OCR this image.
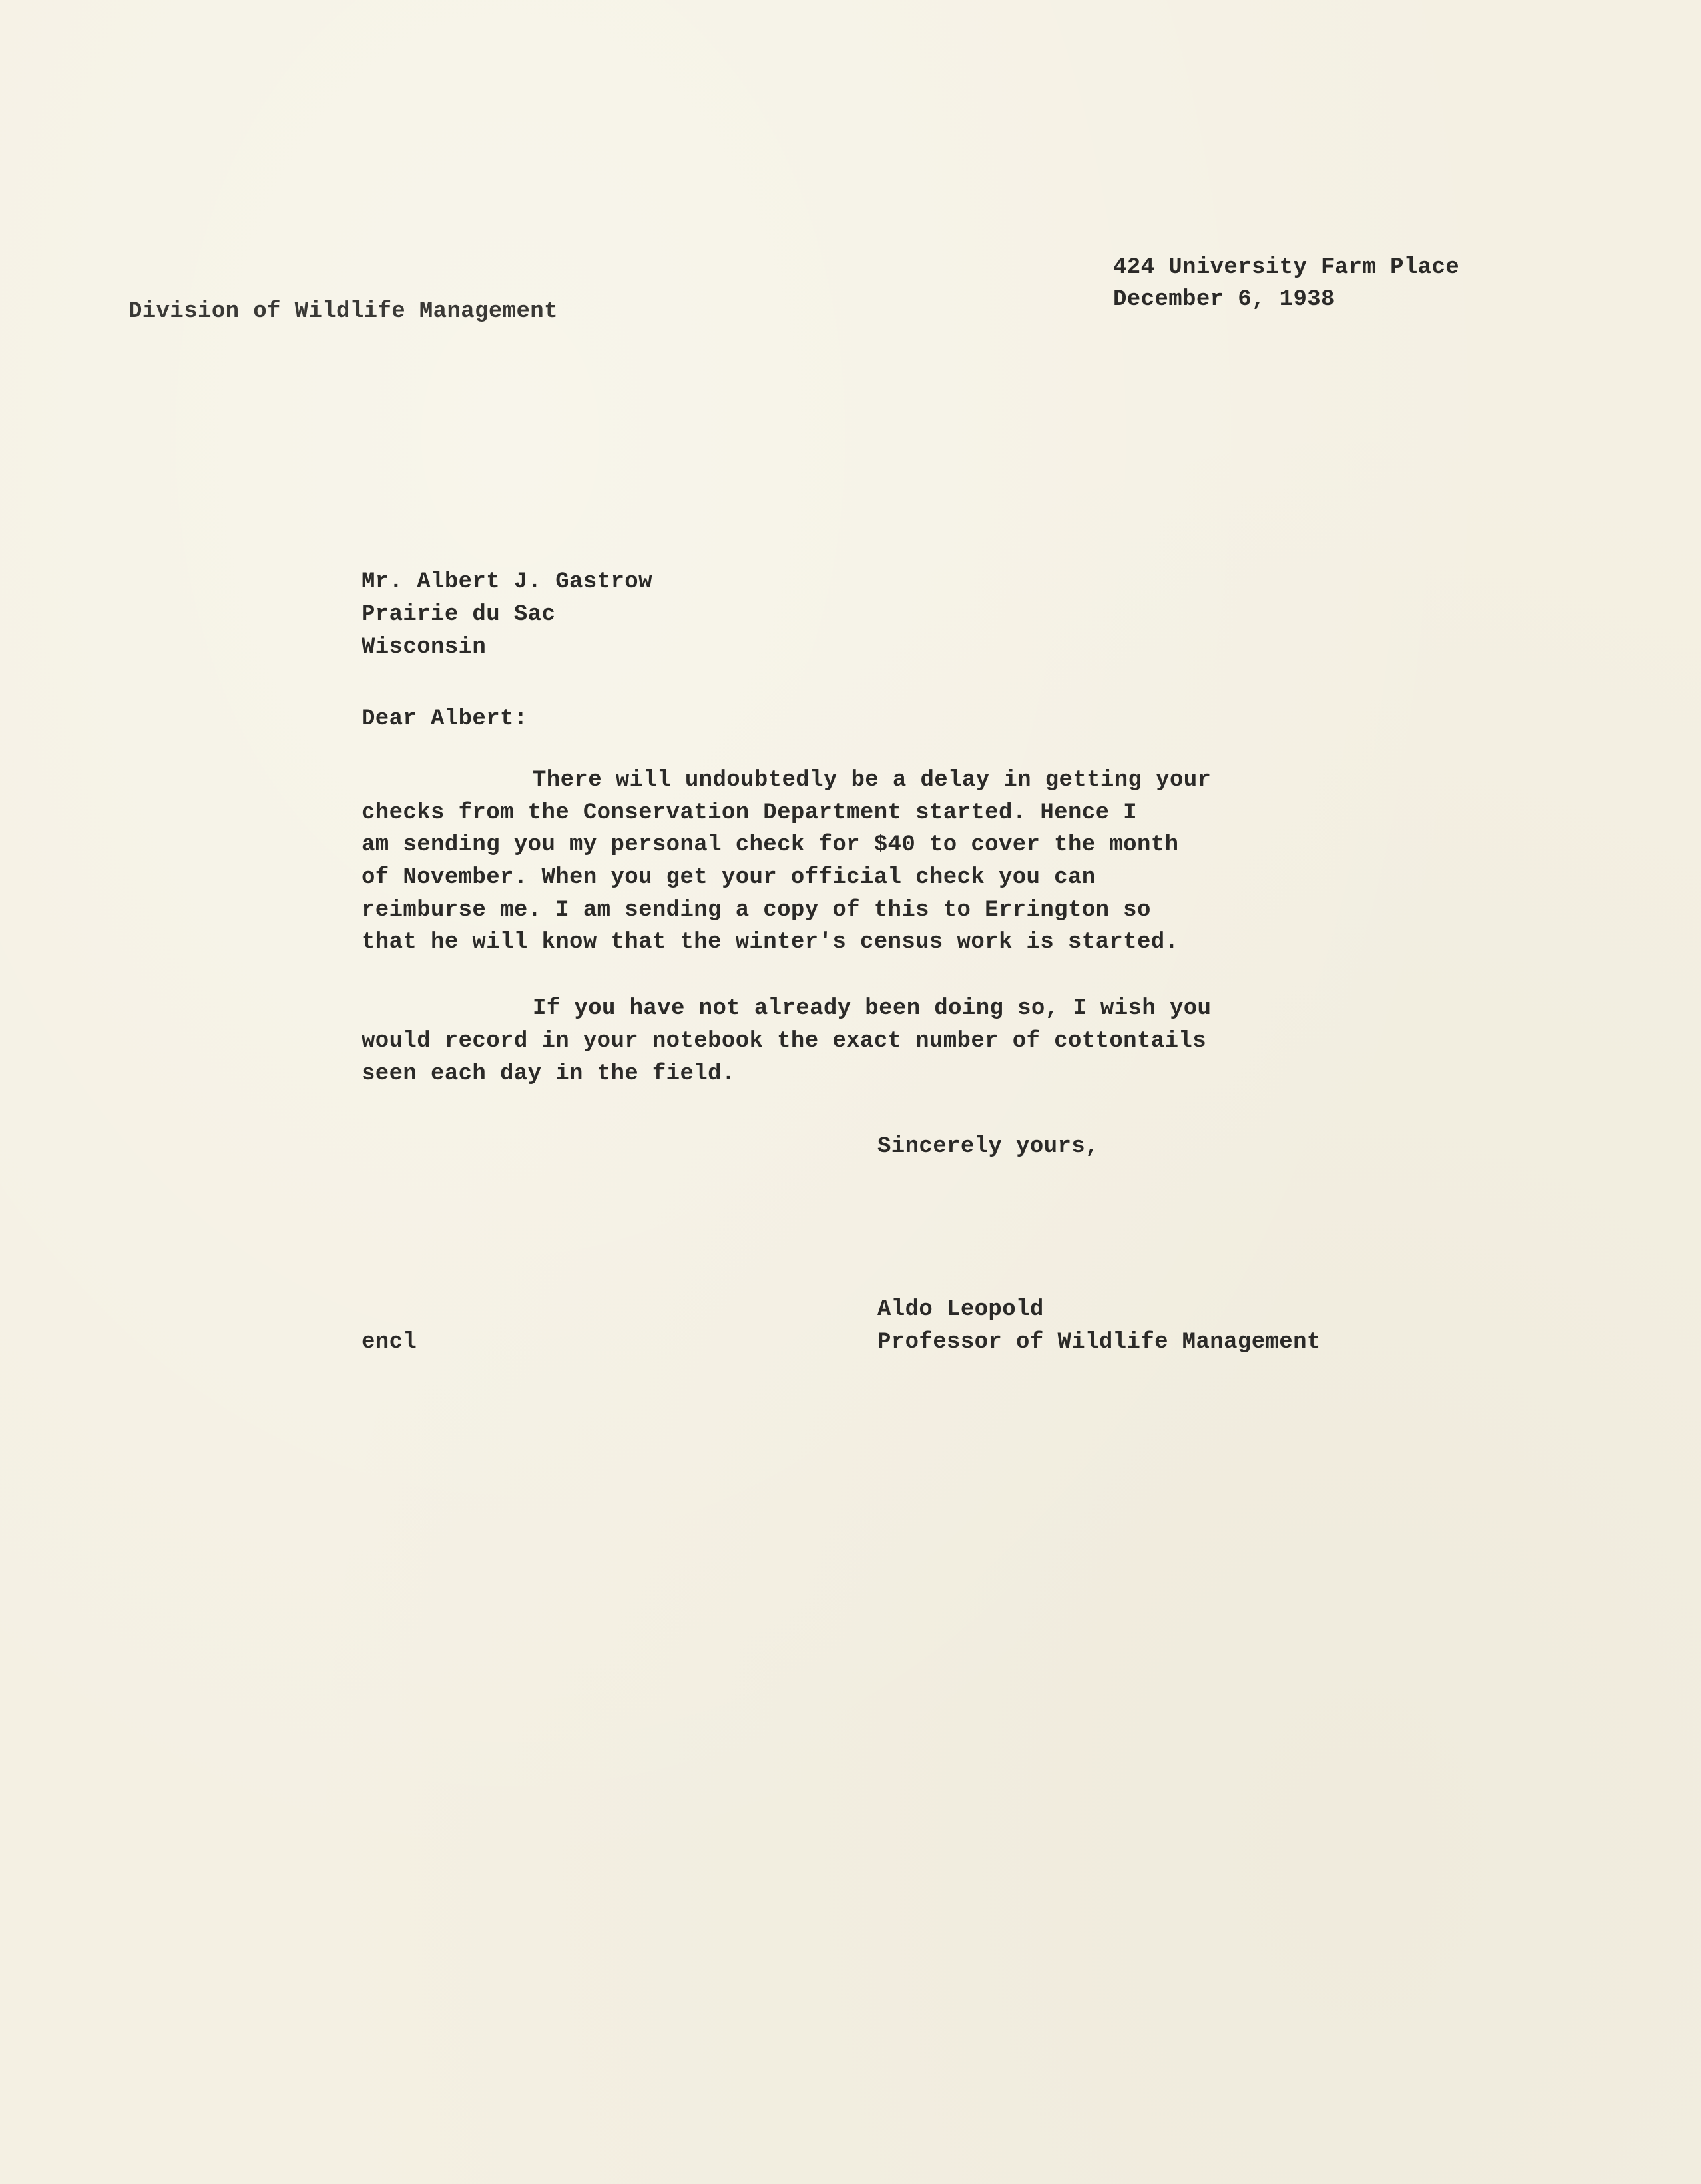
Division of Wildlife Management
424 University Farm Place
December 6, 1938
Mr. Albert J. Gastrow
Prairie du Sac
Wisconsin
Dear Albert:
There will undoubtedly be a delay in getting your
checks from the Conservation Department started. Hence I
am sending you my personal check for $40 to cover the month
of November. When you get your official check you can
reimburse me. I am sending a copy of this to Errington so
that he will know that the winter's census work is started.
If you have not already been doing so, I wish you
would record in your notebook the exact number of cottontails
seen each day in the field.
Sincerely yours,
Aldo Leopold
Professor of Wildlife Management
encl
